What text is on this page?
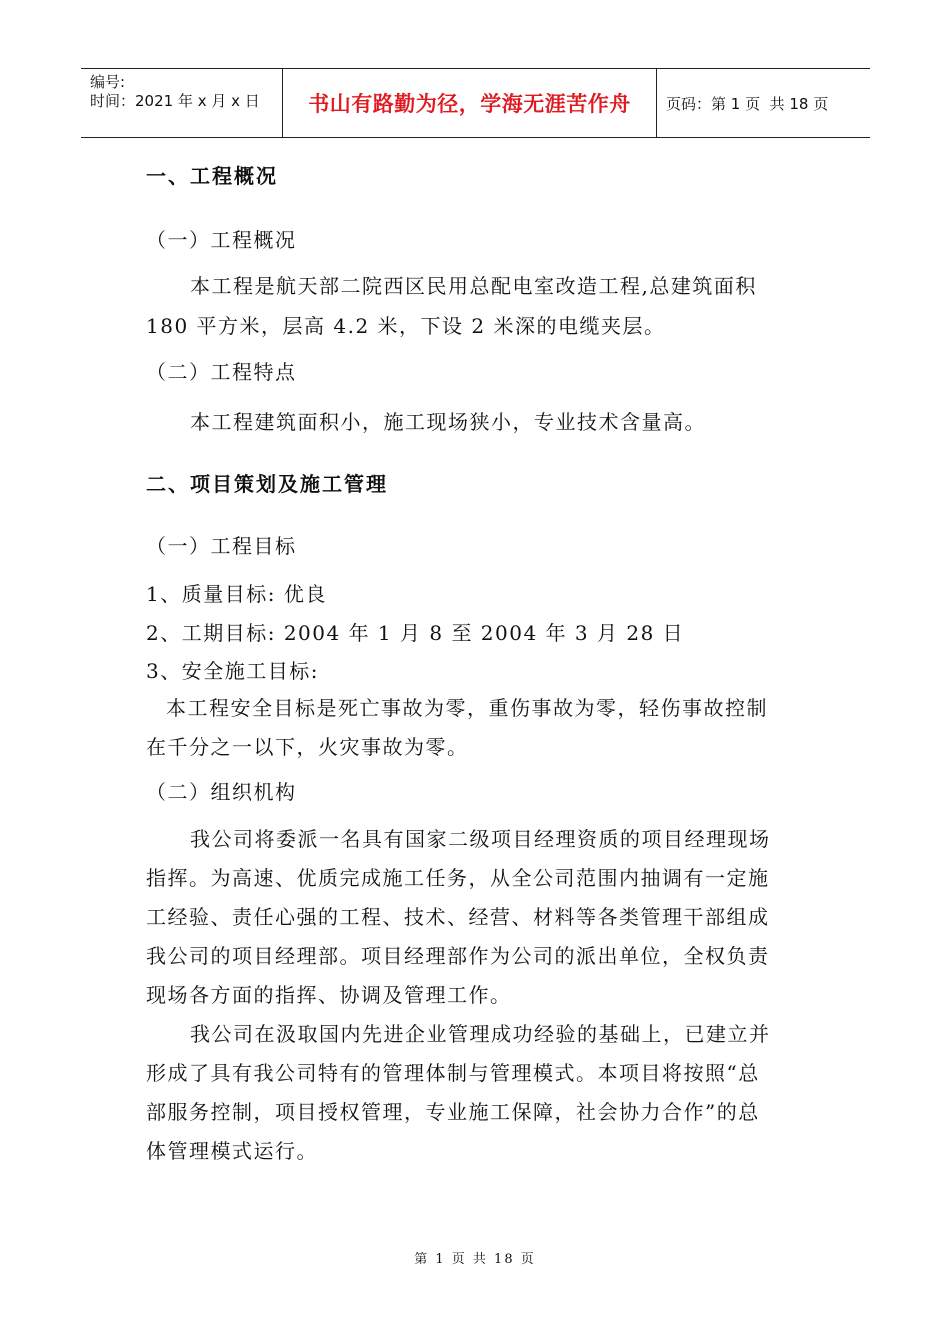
编号:
时间：2021 年 x 月 x 日 书山有路勤为径，学海无涯苦作舟 页码：第 1 页  共 18 页
一、工程概况
（一）工程概况
本工程是航天部二院西区民用总配电室改造工程,总建筑面积
180 平方米，层高 4.2 米，下设 2 米深的电缆夹层。
（二）工程特点
本工程建筑面积小，施工现场狭小，专业技术含量高。
二、项目策划及施工管理
（一）工程目标
1、质量目标: 优良
2、工期目标: 2004 年 1 月 8 至 2004 年 3 月 28 日
3、安全施工目标:
本工程安全目标是死亡事故为零，重伤事故为零，轻伤事故控制
在千分之一以下，火灾事故为零。
（二）组织机构
我公司将委派一名具有国家二级项目经理资质的项目经理现场
指挥。为高速、优质完成施工任务，从全公司范围内抽调有一定施
工经验、责任心强的工程、技术、经营、材料等各类管理干部组成
我公司的项目经理部。项目经理部作为公司的派出单位，全权负责
现场各方面的指挥、协调及管理工作。
我公司在汲取国内先进企业管理成功经验的基础上，已建立并
形成了具有我公司特有的管理体制与管理模式。本项目将按照“总
部服务控制，项目授权管理，专业施工保障，社会协力合作”的总
体管理模式运行。
第 1 页 共 18 页
